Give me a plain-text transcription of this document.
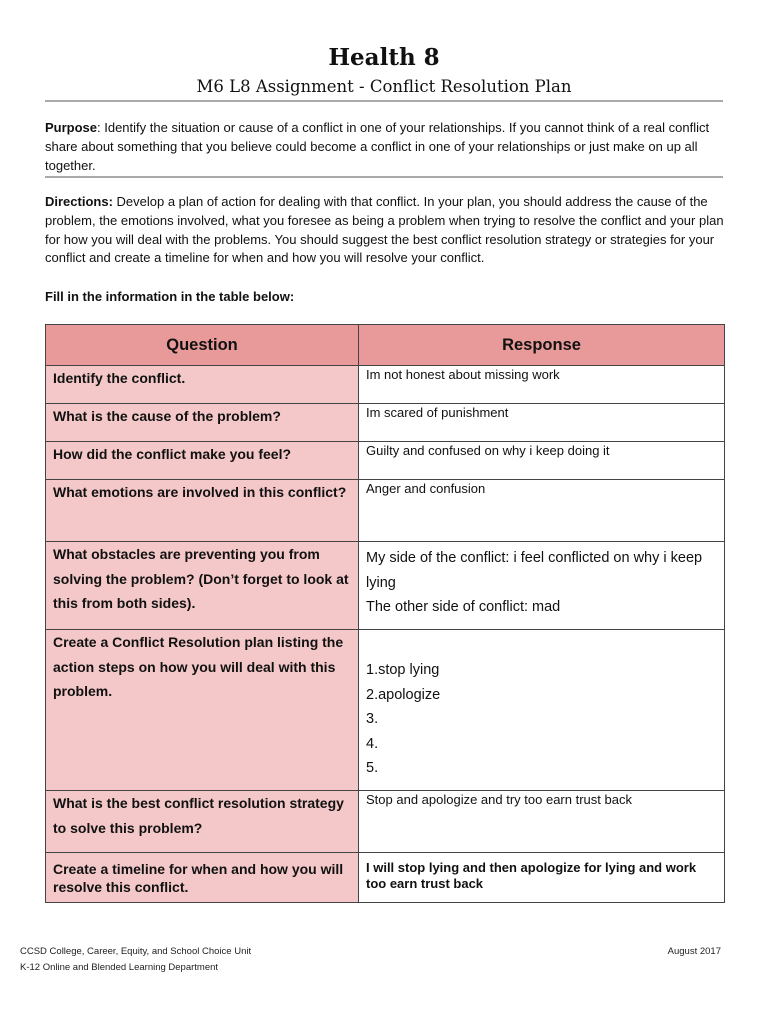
Health 8
M6 L8 Assignment - Conflict Resolution Plan
Purpose: Identify the situation or cause of a conflict in one of your relationships. If you cannot think of a real conflict share about something that you believe could become a conflict in one of your relationships or just make on up all together.
Directions: Develop a plan of action for dealing with that conflict. In your plan, you should address the cause of the problem, the emotions involved, what you foresee as being a problem when trying to resolve the conflict and your plan for how you will deal with the problems. You should suggest the best conflict resolution strategy or strategies for your conflict and create a timeline for when and how you will resolve your conflict.
Fill in the information in the table below:
Question	Response
Identify the conflict.	Im not honest about missing work
What is the cause of the problem?	Im scared of punishment
How did the conflict make you feel?	Guilty and confused on why i keep doing it
What emotions are involved in this conflict?	Anger and confusion
What obstacles are preventing you from solving the problem? (Don’t forget to look at this from both sides).	My side of the conflict: i feel conflicted on why i keep lying
The other side of conflict: mad

Create a Conflict Resolution plan listing the action steps on how you will deal with this problem.	1.stop lying
2.apologize
3.
4.
5.

What is the best conflict resolution strategy to solve this problem?	Stop and apologize and try too earn trust back
Create a timeline for when and how you will resolve this conflict.	I will stop lying and then apologize for lying and work too earn trust back
CCSD College, Career, Equity, and School Choice Unit
K-12 Online and Blended Learning Department
August 2017
